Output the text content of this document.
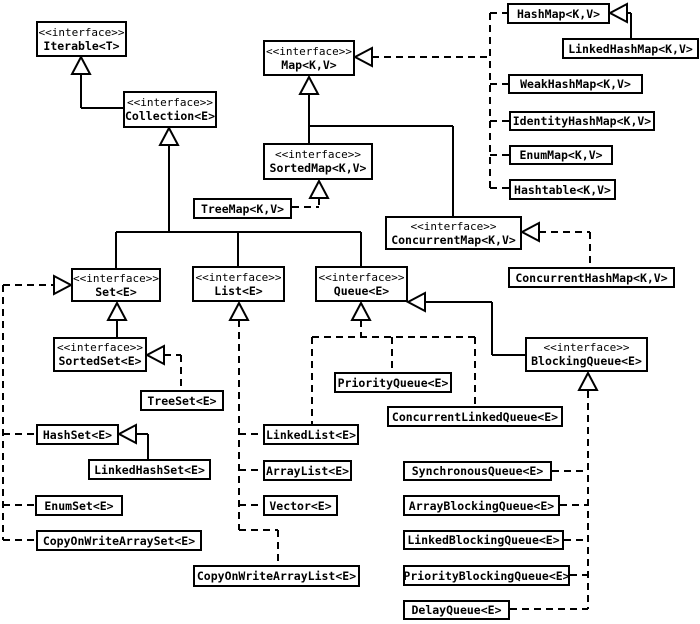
<<interface>>
Iterable<T>
<<interface>>
Collection<E>
<<interface>>
Map<K,V>
<<interface>>
SortedMap<K,V>
<<interface>>
ConcurrentMap<K,V>
<<interface>>
Set<E>
<<interface>>
List<E>
<<interface>>
Queue<E>
<<interface>>
SortedSet<E>
<<interface>>
BlockingQueue<E>
HashMap<K,V>
LinkedHashMap<K,V>
WeakHashMap<K,V>
IdentityHashMap<K,V>
EnumMap<K,V>
Hashtable<K,V>
ConcurrentHashMap<K,V>
TreeMap<K,V>
TreeSet<E>
HashSet<E>
LinkedHashSet<E>
EnumSet<E>
CopyOnWriteArraySet<E>
LinkedList<E>
ArrayList<E>
Vector<E>
CopyOnWriteArrayList<E>
PriorityQueue<E>
ConcurrentLinkedQueue<E>
SynchronousQueue<E>
ArrayBlockingQueue<E>
LinkedBlockingQueue<E>
PriorityBlockingQueue<E>
DelayQueue<E>
